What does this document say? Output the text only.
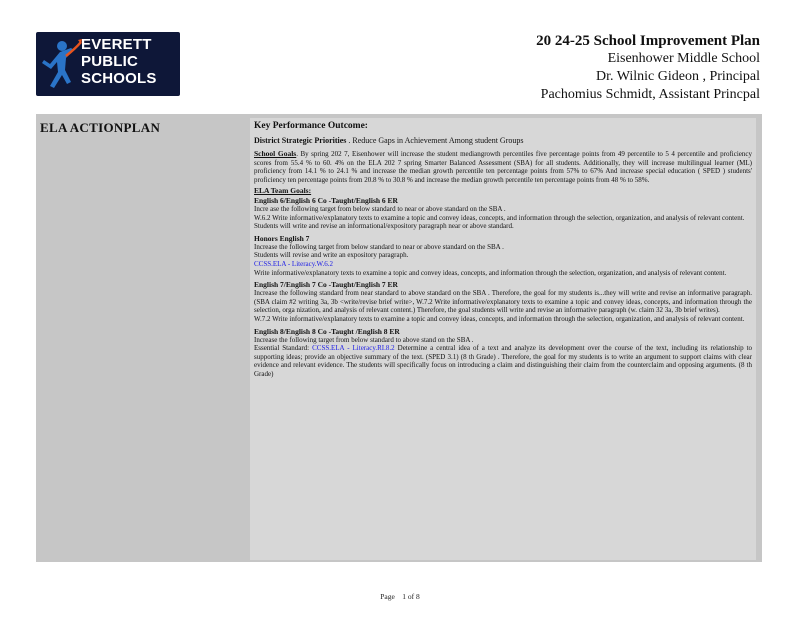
EVERETT
PUBLIC
SCHOOLS
20 24-25 School Improvement Plan
Eisenhower Middle School
Dr. Wilnic Gideon , Principal
Pachomius Schmidt, Assistant Princpal
ELA ACTIONPLAN	Key Performance Outcome:
District Strategic Priorities . Reduce Gaps in Achievement Among student Groups
School Goals. By spring 202 7, Eisenhower will increase the student mediangrowth percentiles five percentage points from 49 percentile to 5 4 percentile and proficiency scores from 55.4 % to 60. 4% on the ELA 202 7 spring Smarter Balanced Assessment (SBA) for all students. Additionally, they will increase multilingual learner (ML) proficiency from 14.1 % to 24.1 % and increase the median growth percentile ten percentage points from 57% to 67% And increase special education ( SPED ) students' proficiency ten percentage points from 20.8 % to 30.8 % and increase the median growth percentile ten percentage points from 48 % to 58%.
ELA Team Goals:
English 6/English 6 Co -Taught/English 6 ER
Incre ase the following target from below standard to near or above standard on the SBA .
W.6.2 Write informative/explanatory texts to examine a topic and convey ideas, concepts, and information through the selection, organization, and analysis of relevant content.
Students will write and revise an informational/expository paragraph near or above standard.
Honors English 7
Increase the following target from below standard to near or above standard on the SBA .
Students will revise and write an expository paragraph.
CCSS.ELA - Literacy.W.6.2
Write informative/explanatory texts to examine a topic and convey ideas, concepts, and information through the selection, organization, and analysis of relevant content.
English 7/English 7 Co -Taught/English 7 ER
Increase the following standard from near standard to above standard on the SBA . Therefore, the goal for my students is...they will write and revise an informative paragraph. (SBA claim #2 writing 3a, 3b <write/revise brief write>, W.7.2 Write informative/explanatory texts to examine a topic and convey ideas, concepts, and information through the selection, orga nization, and analysis of relevant content.) Therefore, the goal students will write and revise an informative paragraph (w. claim 32 3a, 3b brief writes).
W.7.2 Write informative/explanatory texts to examine a topic and convey ideas, concepts, and information through the selection, organization, and analysis of relevant content.
English 8/English 8 Co -Taught /English 8 ER
Increase the following target from below standard to above stand on the SBA .
Essential Standard: CCSS.ELA - Literacy.RI.8.2 Determine a central idea of a text and analyze its development over the course of the text, including its relationship to supporting ideas; provide an objective summary of the text. (SPED 3.1) (8 th Grade) . Therefore, the goal for my students is to write an argument to support claims with clear evidence and relevant evidence. The students will specifically focus on introducing a claim and distinguishing their claim from the counterclaim and opposing arguments. (8 th Grade)
Page 1 of 8
